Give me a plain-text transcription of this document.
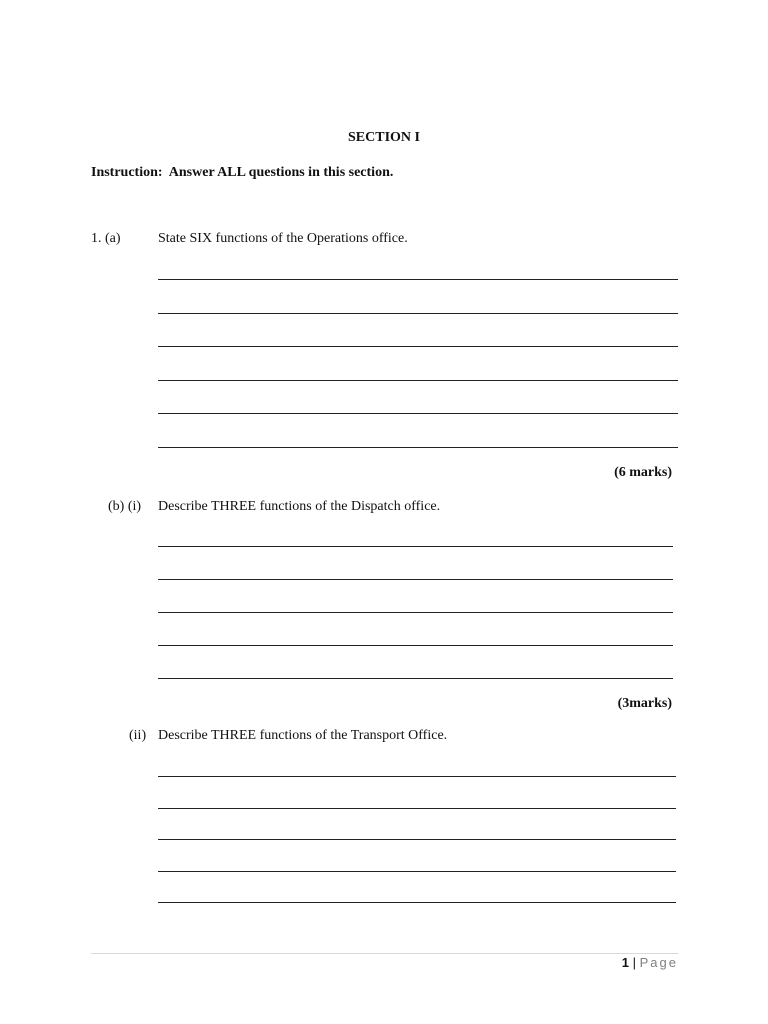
SECTION I
Instruction:  Answer ALL questions in this section.
1. (a)	State SIX functions of the Operations office.
(6 marks)
(b) (i) Describe THREE functions of the Dispatch office.
(3marks)
(ii) Describe THREE functions of the Transport Office.
1 | Page
